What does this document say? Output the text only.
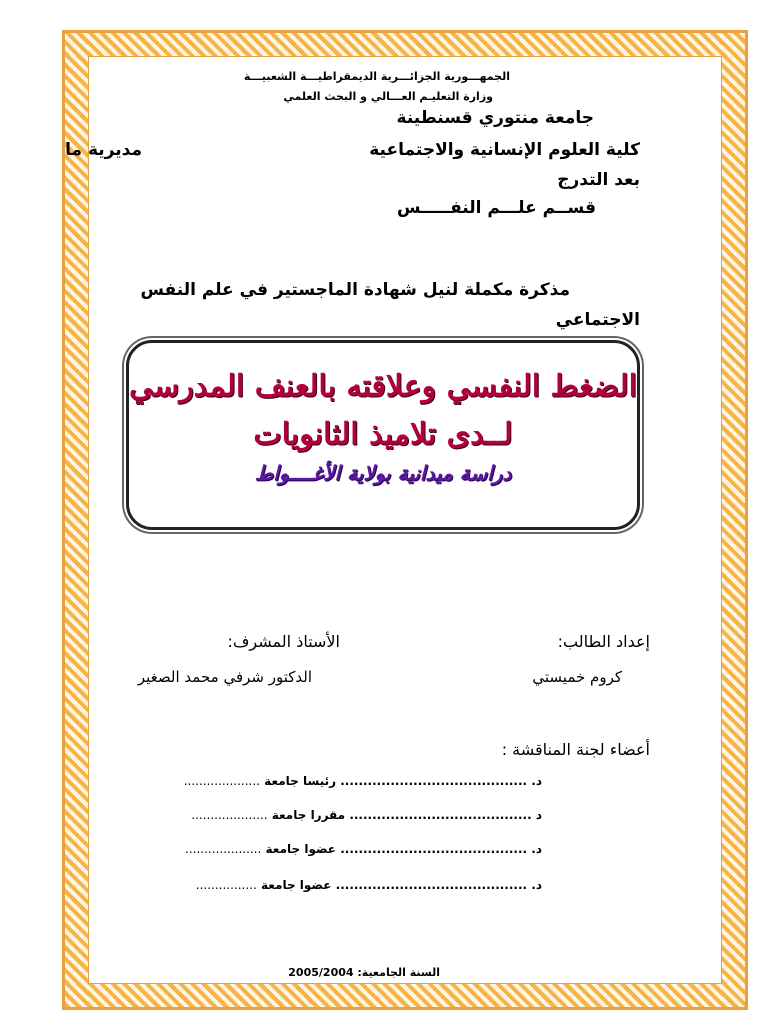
الجمهـــورية الجزائـــرية الديمقراطيـــة الشعبيـــة
وزارة التعليـم العـــالي و البحث العلمي
جامعة منتوري قسنطينة
كلية العلوم الإنسانية والاجتماعية
مديرية ما
بعد التدرج
قســم علـــم النفـــــس
مذكرة مكملة لنيل شهادة الماجستير في علم النفس
الاجتماعي
الضغط النفسي وعلاقته بالعنف المدرسي
لــدى تلاميذ الثانويات
دراسة ميدانية بولاية الأغــــواط
إعداد الطالب:
الأستاذ المشرف:
كروم خميستي
الدكتور شرفي محمد الصغير
أعضاء لجنة المناقشة :
د. ......................................... رئيسا جامعة ....................
د ........................................ مقررا جامعة ....................
د. ......................................... عضوا جامعة ....................
د. .......................................... عضوا جامعة ................
السنة الجامعية: 2005/2004
